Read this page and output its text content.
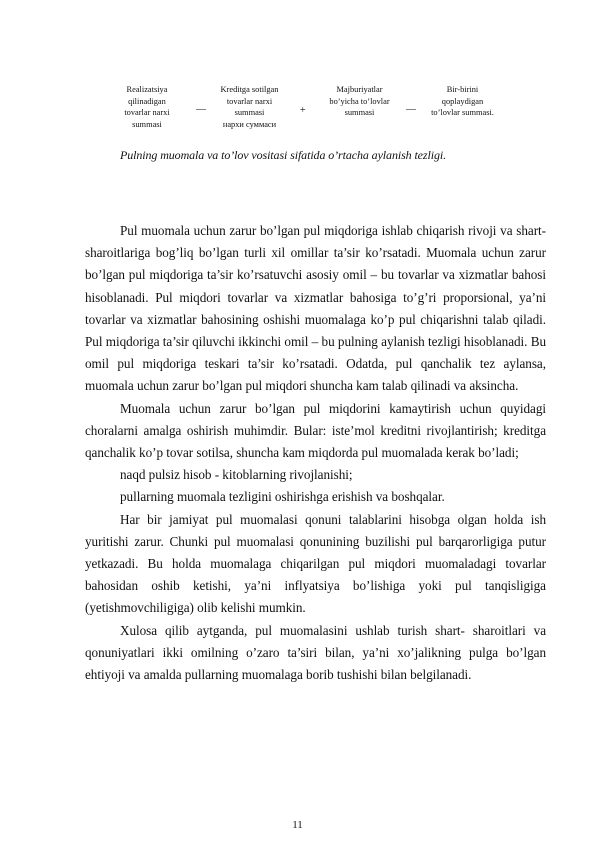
Realizatsiya
qilinadigan
tovarlar narxi
summasi
—
Kreditga sotilgan
tovarlar narxi
summasi
нархи суммаси
+
Majburiyatlar
bo’yicha to’lovlar
summasi	—
Bir-birini
qoplaydigan
to’lovlar summasi.
Pulning muomala va to’lov vositasi sifatida o’rtacha aylanish tezligi.

Pul muomala uchun zarur bo’lgan pul miqdoriga ishlab chiqarish rivoji va shart-sharoitlariga bog’liq bo’lgan turli xil omillar ta’sir ko’rsatadi. Muomala uchun zarur bo’lgan pul miqdoriga ta’sir ko’rsatuvchi asosiy omil – bu tovarlar va xizmatlar bahosi hisoblanadi. Pul miqdori tovarlar va xizmatlar bahosiga to’g’ri proporsional, ya’ni tovarlar va xizmatlar bahosining oshishi muomalaga ko’p pul chiqarishni talab qiladi. Pul miqdoriga ta’sir qiluvchi ikkinchi omil – bu pulning aylanish tezligi hisoblanadi. Bu omil pul miqdoriga teskari ta’sir ko’rsatadi. Odatda, pul qanchalik tez aylansa, muomala uchun zarur bo’lgan pul miqdori shuncha kam talab qilinadi va aksincha.

Muomala uchun zarur bo’lgan pul miqdorini kamaytirish uchun quyidagi choralarni amalga oshirish muhimdir. Bular: iste’mol kreditni rivojlantirish; kreditga qanchalik ko’p tovar sotilsa, shuncha kam miqdorda pul muomalada kerak bo’ladi;

naqd pulsiz hisob - kitoblarning rivojlanishi;

pullarning muomala tezligini oshirishga erishish va boshqalar.

Har bir jamiyat pul muomalasi qonuni talablarini hisobga olgan holda ish yuritishi zarur. Chunki pul muomalasi qonunining buzilishi pul barqarorligiga putur yetkazadi. Bu holda muomalaga chiqarilgan pul miqdori muomaladagi tovarlar bahosidan oshib ketishi, ya’ni inflyatsiya bo’lishiga yoki pul tanqisligiga (yetishmovchiligiga) olib kelishi mumkin.

Xulosa qilib aytganda, pul muomalasini ushlab turish shart- sharoitlari va qonuniyatlari ikki omilning o’zaro ta’siri bilan, ya’ni xo’jalikning pulga bo’lgan ehtiyoji va amalda pullarning muomalaga borib tushishi bilan belgilanadi.

11
